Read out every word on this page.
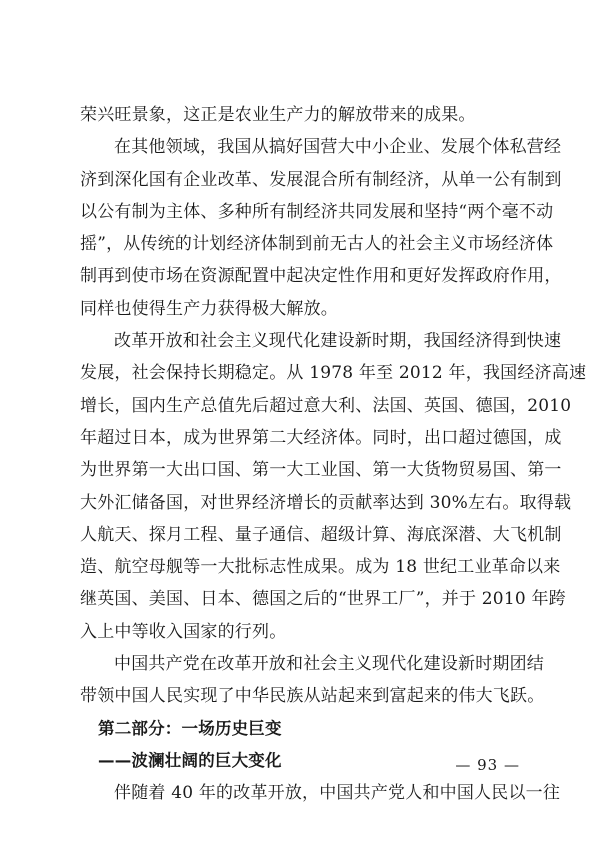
荣兴旺景象，这正是农业生产力的解放带来的成果。
在其他领域，我国从搞好国营大中小企业、发展个体私营经
济到深化国有企业改革、发展混合所有制经济，从单一公有制到
以公有制为主体、多种所有制经济共同发展和坚持“两个毫不动
摇”，从传统的计划经济体制到前无古人的社会主义市场经济体
制再到使市场在资源配置中起决定性作用和更好发挥政府作用，
同样也使得生产力获得极大解放。
改革开放和社会主义现代化建设新时期，我国经济得到快速
发展，社会保持长期稳定。从 1978 年至 2012 年，我国经济高速
增长，国内生产总值先后超过意大利、法国、英国、德国，2010
年超过日本，成为世界第二大经济体。同时，出口超过德国，成
为世界第一大出口国、第一大工业国、第一大货物贸易国、第一
大外汇储备国，对世界经济增长的贡献率达到 30%左右。取得载
人航天、探月工程、量子通信、超级计算、海底深潜、大飞机制
造、航空母舰等一大批标志性成果。成为 18 世纪工业革命以来
继英国、美国、日本、德国之后的“世界工厂”，并于 2010 年跨
入上中等收入国家的行列。
中国共产党在改革开放和社会主义现代化建设新时期团结
带领中国人民实现了中华民族从站起来到富起来的伟大飞跃。
第二部分：一场历史巨变
——波澜壮阔的巨大变化
伴随着 40 年的改革开放，中国共产党人和中国人民以一往
— 93 —
